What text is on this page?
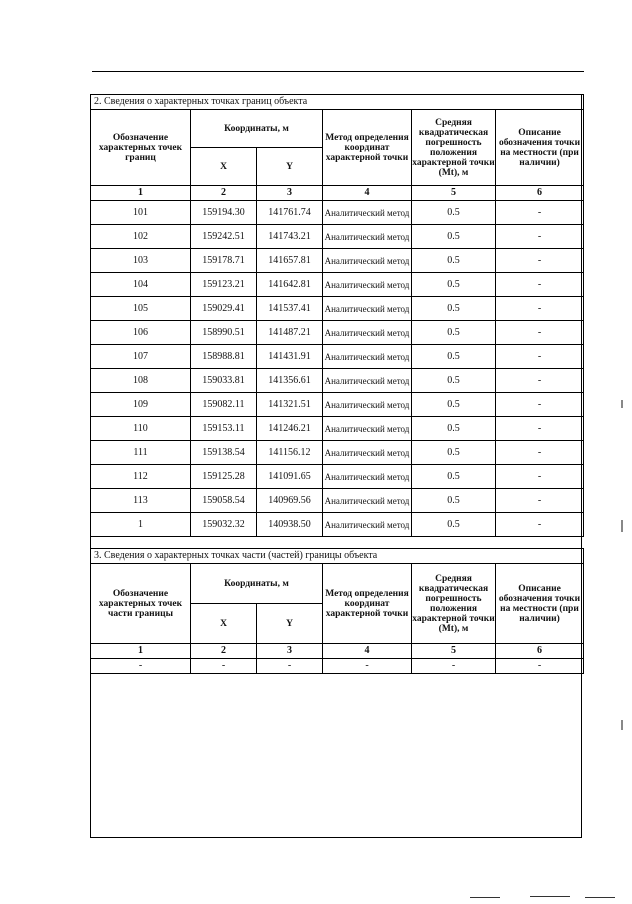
2. Сведения о характерных точках границ объекта					
Обозначение характерных точек границ	Координаты, м		Метод определения координат характерной точки	Средняя квадратическая погрешность положения характерной точки (Mt), м	Описание обозначения точки на местности (при наличии)
	X	Y			
1	2	3	4	5	6
101	159194.30	141761.74	Аналитический метод	0.5	-
102	159242.51	141743.21	Аналитический метод	0.5	-
103	159178.71	141657.81	Аналитический метод	0.5	-
104	159123.21	141642.81	Аналитический метод	0.5	-
105	159029.41	141537.41	Аналитический метод	0.5	-
106	158990.51	141487.21	Аналитический метод	0.5	-
107	158988.81	141431.91	Аналитический метод	0.5	-
108	159033.81	141356.61	Аналитический метод	0.5	-
109	159082.11	141321.51	Аналитический метод	0.5	-
110	159153.11	141246.21	Аналитический метод	0.5	-
111	159138.54	141156.12	Аналитический метод	0.5	-
112	159125.28	141091.65	Аналитический метод	0.5	-
113	159058.54	140969.56	Аналитический метод	0.5	-
1	159032.32	140938.50	Аналитический метод	0.5	-
3. Сведения о характерных точках части (частей) границы объекта					
Обозначение характерных точек части границы	Координаты, м		Метод определения координат характерной точки	Средняя квадратическая погрешность положения характерной точки (Mt), м	Описание обозначения точки на местности (при наличии)
	X	Y			
1	2	3	4	5	6
-	-	-	-	-	-
